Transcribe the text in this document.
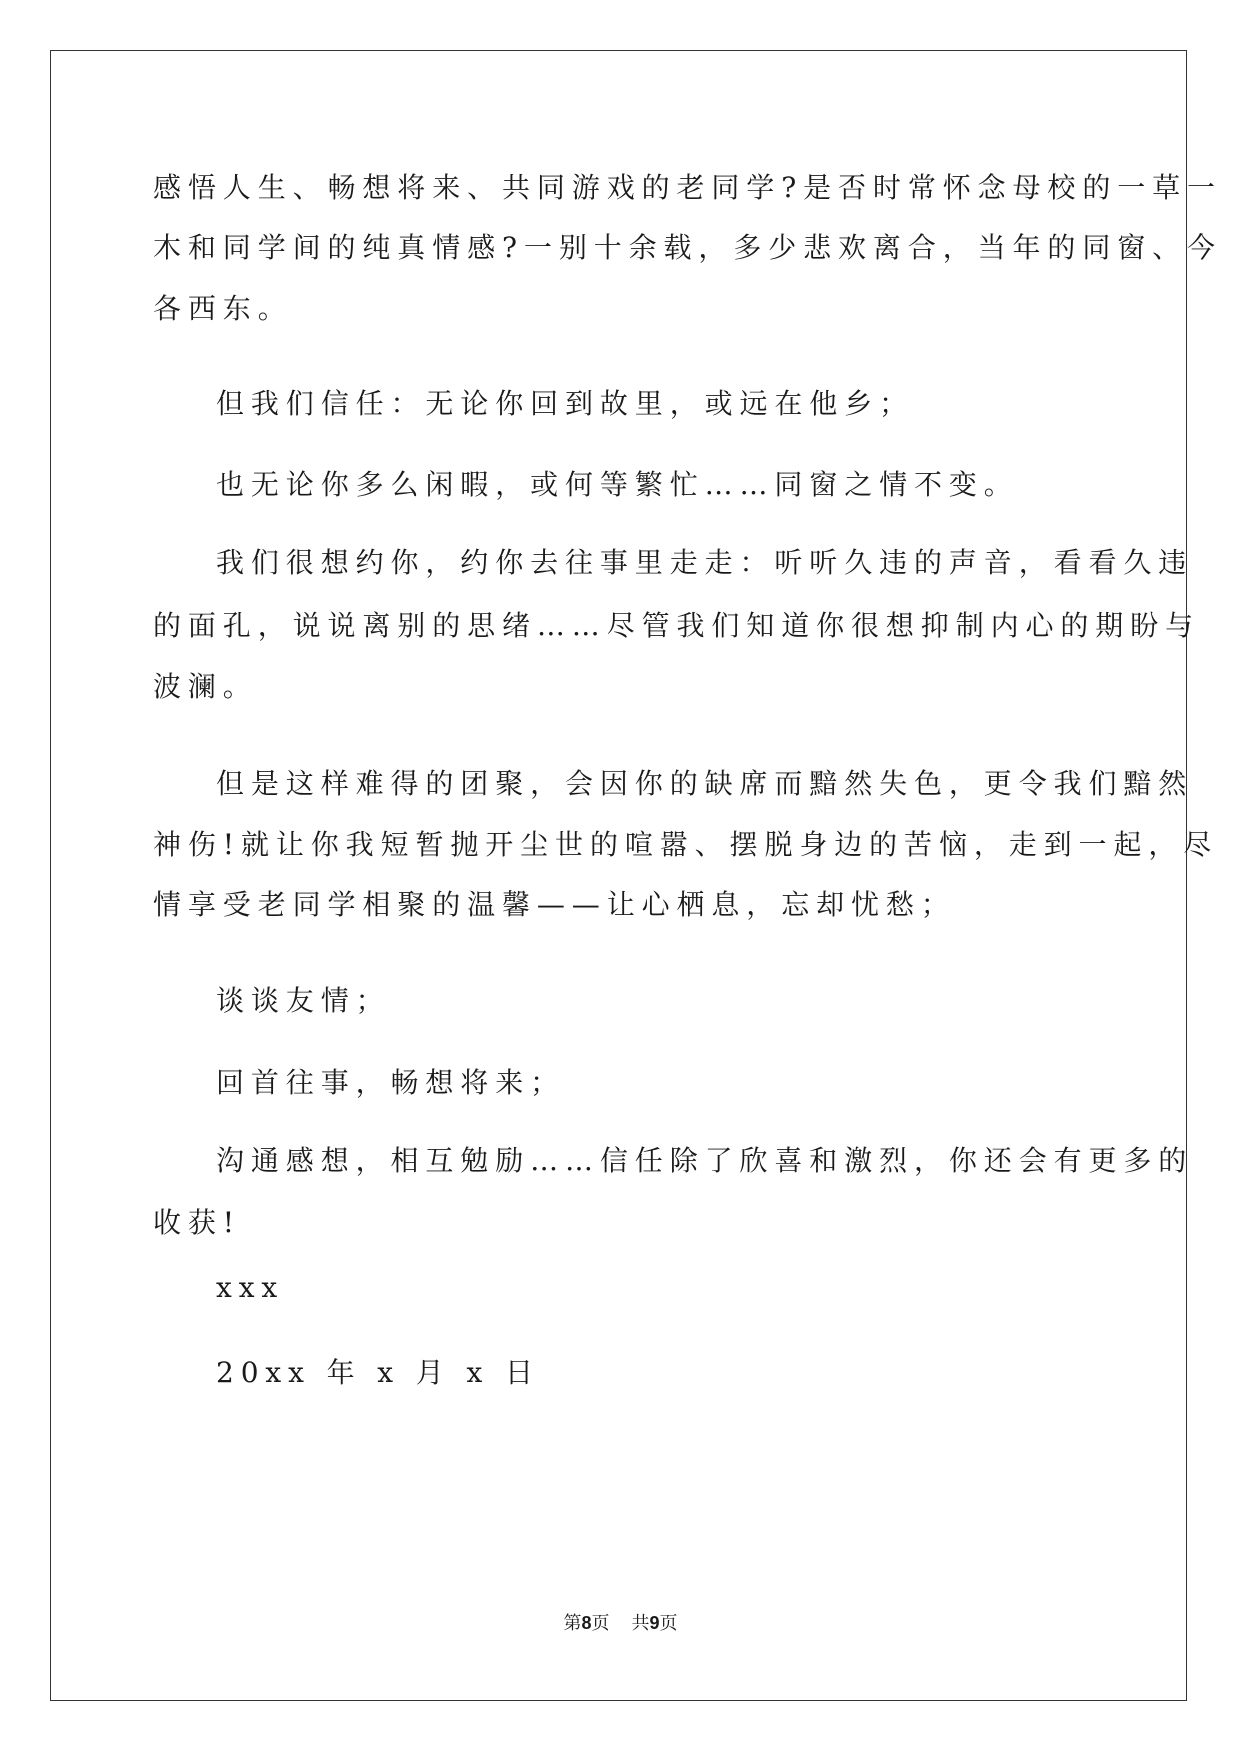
感悟人生、畅想将来、共同游戏的老同学?是否时常怀念母校的一草一
木和同学间的纯真情感?一别十余载，多少悲欢离合，当年的同窗、今
各西东。
但我们信任：无论你回到故里，或远在他乡；
也无论你多么闲暇，或何等繁忙……同窗之情不变。
我们很想约你，约你去往事里走走：听听久违的声音，看看久违
的面孔，说说离别的思绪……尽管我们知道你很想抑制内心的期盼与
波澜。
但是这样难得的团聚，会因你的缺席而黯然失色，更令我们黯然
神伤!就让你我短暂抛开尘世的喧嚣、摆脱身边的苦恼，走到一起，尽
情享受老同学相聚的温馨——让心栖息，忘却忧愁；
谈谈友情；
回首往事，畅想将来；
沟通感想，相互勉励……信任除了欣喜和激烈，你还会有更多的
收获!
xxx
20xx 年 x 月 x 日
第8页 共9页
